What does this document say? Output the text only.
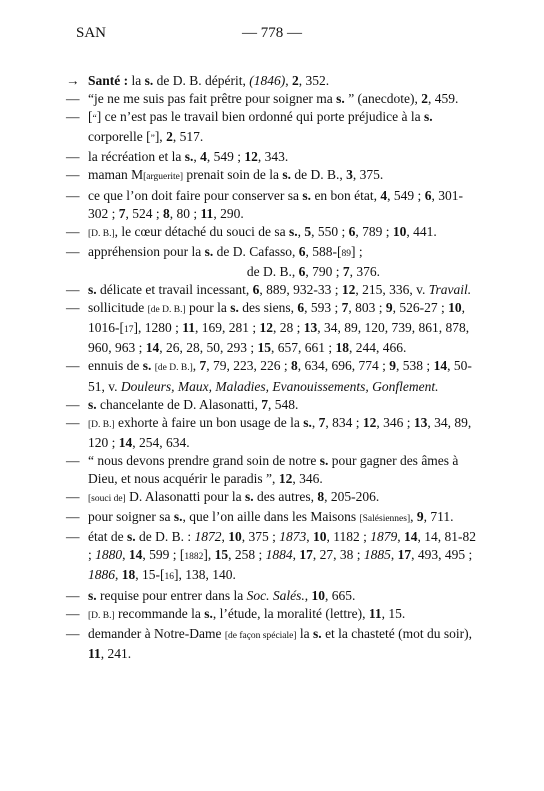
SAN	— 778 —
→ Santé : la s. de D. B. dépérit, (1846), 2, 352.
— “je ne me suis pas fait prêtre pour soigner ma s. ” (anecdote), 2, 459.
— [“] ce n’est pas le travail bien ordonné qui porte préjudice à la s. corporelle [”], 2, 517.
— la récréation et la s., 4, 549 ; 12, 343.
— maman M[arguerite] prenait soin de la s. de D. B., 3, 375.
— ce que l’on doit faire pour conserver sa s. en bon état, 4, 549 ; 6, 301-302 ; 7, 524 ; 8, 80 ; 11, 290.
— [D. B.], le cœur détaché du souci de sa s., 5, 550 ; 6, 789 ; 10, 441.
— appréhension pour la s. de D. Cafasso, 6, 588-[89] ;
de D. B., 6, 790 ; 7, 376.
— s. délicate et travail incessant, 6, 889, 932-33 ; 12, 215, 336, v. Travail.
— sollicitude [de D. B.] pour la s. des siens, 6, 593 ; 7, 803 ; 9, 526-27 ; 10, 1016-[17], 1280 ; 11, 169, 281 ; 12, 28 ; 13, 34, 89, 120, 739, 861, 878, 960, 963 ; 14, 26, 28, 50, 293 ; 15, 657, 661 ; 18, 244, 466.
— ennuis de s. [de D. B.], 7, 79, 223, 226 ; 8, 634, 696, 774 ; 9, 538 ; 14, 50-51, v. Douleurs, Maux, Maladies, Evanouissements, Gonflement.
— s. chancelante de D. Alasonatti, 7, 548.
— [D. B.] exhorte à faire un bon usage de la s., 7, 834 ; 12, 346 ; 13, 34, 89, 120 ; 14, 254, 634.
— “ nous devons prendre grand soin de notre s. pour gagner des âmes à Dieu, et nous acquérir le paradis ”, 12, 346.
— [souci de] D. Alasonatti pour la s. des autres, 8, 205-206.
— pour soigner sa s., que l’on aille dans les Maisons [Salésiennes], 9, 711.
— état de s. de D. B. : 1872, 10, 375 ; 1873, 10, 1182 ; 1879, 14, 14, 81-82 ; 1880, 14, 599 ; [1882], 15, 258 ; 1884, 17, 27, 38 ; 1885, 17, 493, 495 ; 1886, 18, 15-[16], 138, 140.
— s. requise pour entrer dans la Soc. Salés., 10, 665.
— [D. B.] recommande la s., l’étude, la moralité (lettre), 11, 15.
— demander à Notre-Dame [de façon spéciale] la s. et la chasteté (mot du soir), 11, 241.
